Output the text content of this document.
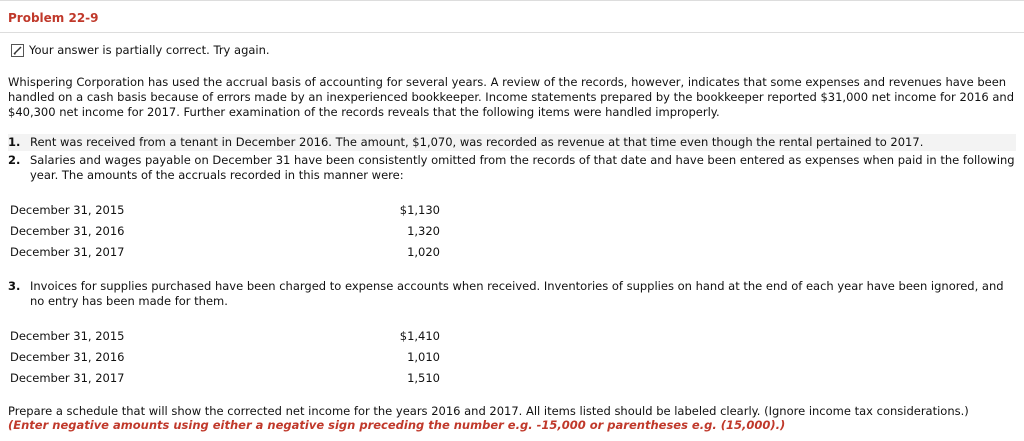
Problem 22-9
Your answer is partially correct. Try again.
Whispering Corporation has used the accrual basis of accounting for several years. A review of the records, however, indicates that some expenses and revenues have been handled on a cash basis because of errors made by an inexperienced bookkeeper. Income statements prepared by the bookkeeper reported $31,000 net income for 2016 and $40,300 net income for 2017. Further examination of the records reveals that the following items were handled improperly.
1. Rent was received from a tenant in December 2016. The amount, $1,070, was recorded as revenue at that time even though the rental pertained to 2017.
2. Salaries and wages payable on December 31 have been consistently omitted from the records of that date and have been entered as expenses when paid in the following year. The amounts of the accruals recorded in this manner were:
December 31, 2015	$1,130
December 31, 2016	1,320
December 31, 2017	1,020
3. Invoices for supplies purchased have been charged to expense accounts when received. Inventories of supplies on hand at the end of each year have been ignored, and no entry has been made for them.
December 31, 2015	$1,410
December 31, 2016	1,010
December 31, 2017	1,510
Prepare a schedule that will show the corrected net income for the years 2016 and 2017. All items listed should be labeled clearly. (Ignore income tax considerations.)
(Enter negative amounts using either a negative sign preceding the number e.g. -15,000 or parentheses e.g. (15,000).)
